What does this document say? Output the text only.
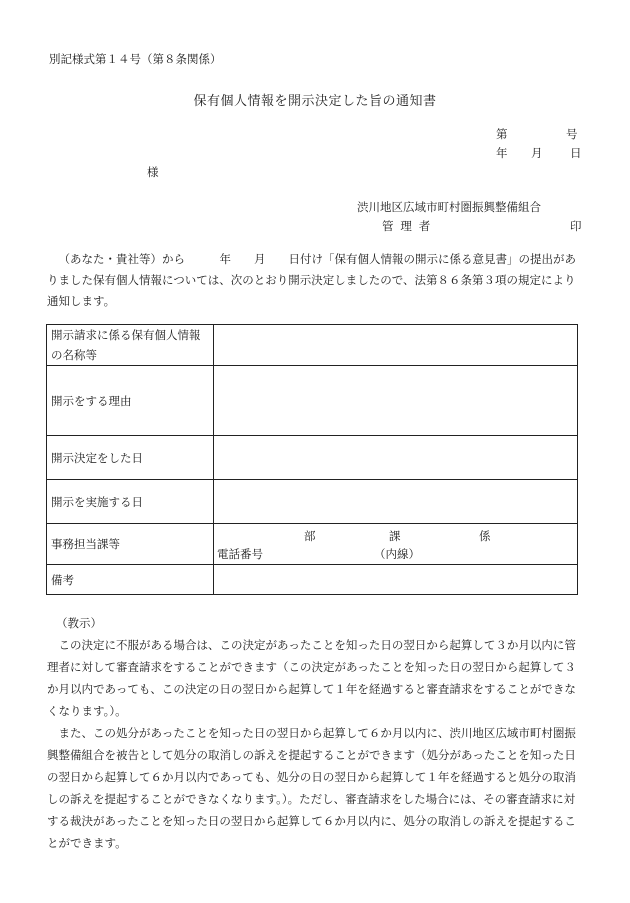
別記様式第１４号（第８条関係）
保有個人情報を開示決定した旨の通知書
第	号
年 月 日
様
渋川地区広域市町村圏振興整備組合
管理者	印
（あなた・貴社等）から　　　年　　月　　日付け「保有個人情報の開示に係る意見書」の提出がありました保有個人情報については、次のとおり開示決定しましたので、法第８６条第３項の規定により通知します。
開示請求に係る保有個人情報の名称等	
開示をする理由	
開示決定をした日	
開示を実施する日	
事務担当課等	部 課 係
電話番号 （内線）

備考	
（教示）

この決定に不服がある場合は、この決定があったことを知った日の翌日から起算して３か月以内に管理者に対して審査請求をすることができます（この決定があったことを知った日の翌日から起算して３か月以内であっても、この決定の日の翌日から起算して１年を経過すると審査請求をすることができなくなります。）。

また、この処分があったことを知った日の翌日から起算して６か月以内に、渋川地区広域市町村圏振興整備組合を被告として処分の取消しの訴えを提起することができます（処分があったことを知った日の翌日から起算して６か月以内であっても、処分の日の翌日から起算して１年を経過すると処分の取消しの訴えを提起することができなくなります。）。ただし、審査請求をした場合には、その審査請求に対する裁決があったことを知った日の翌日から起算して６か月以内に、処分の取消しの訴えを提起することができます。
